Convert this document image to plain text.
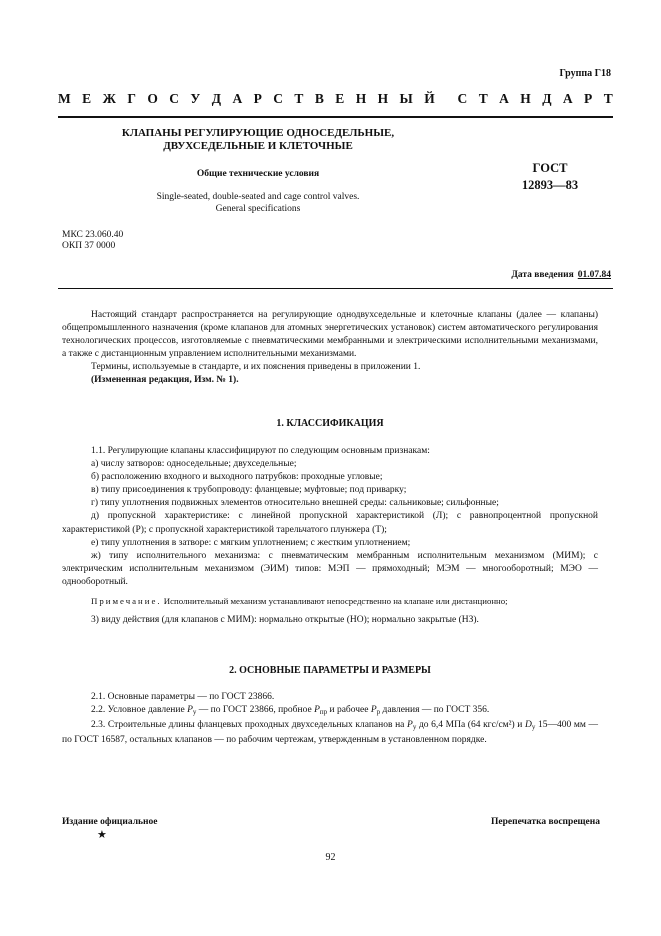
Группа Г18
М Е Ж Г О С У Д А Р С Т В Е Н Н Ы Й С Т А Н Д А Р Т
КЛАПАНЫ РЕГУЛИРУЮЩИЕ ОДНОСЕДЕЛЬНЫЕ,
ДВУХСЕДЕЛЬНЫЕ И КЛЕТОЧНЫЕ
Общие технические условия
Single-seated, double-seated and cage control valves.
General specifications
ГОСТ
12893—83
МКС 23.060.40
ОКП 37 0000
Дата введения 01.07.84
Настоящий стандарт распространяется на регулирующие однодвухседельные и клеточные клапаны (далее — клапаны) общепромышленного назначения (кроме клапанов для атомных энергетических установок) систем автоматического регулирования технологических процессов, изготовляемые с пневматическими мембранными и электрическими исполнительными механизмами, а также с дистанционным управлением исполнительными механизмами.
Термины, используемые в стандарте, и их пояснения приведены в приложении 1.
(Измененная редакция, Изм. № 1).
1. КЛАССИФИКАЦИЯ
1.1. Регулирующие клапаны классифицируют по следующим основным признакам:
а) числу затворов: односедельные; двухседельные;
б) расположению входного и выходного патрубков: проходные угловые;
в) типу присоединения к трубопроводу: фланцевые; муфтовые; под приварку;
г) типу уплотнения подвижных элементов относительно внешней среды: сальниковые; сильфонные;
д) пропускной характеристике: с линейной пропускной характеристикой (Л); с равнопроцентной пропускной характеристикой (Р); с пропускной характеристикой тарельчатого плунжера (Т);
е) типу уплотнения в затворе: с мягким уплотнением; с жестким уплотнением;
ж) типу исполнительного механизма: с пневматическим мембранным исполнительным механизмом (МИМ); с электрическим исполнительным механизмом (ЭИМ) типов: МЭП — прямоходный; МЭМ — многооборотный; МЭО — однооборотный.
Примечание. Исполнительный механизм устанавливают непосредственно на клапане или дистанционно;
3) виду действия (для клапанов с МИМ): нормально открытые (НО); нормально закрытые (НЗ).
2. ОСНОВНЫЕ ПАРАМЕТРЫ И РАЗМЕРЫ
2.1. Основные параметры — по ГОСТ 23866.
2.2. Условное давление $P_у$ — по ГОСТ 23866, пробное $P_{пр}$ и рабочее $P_р$ давления — по ГОСТ 356.
2.3. Строительные длины фланцевых проходных двухседельных клапанов на $P_у$ до 6,4 МПа (64 кгс/см²) и $D_у$ 15—400 мм — по ГОСТ 16587, остальных клапанов — по рабочим чертежам, утвержденным в установленном порядке.
Издание официальное	Перепечатка воспрещена
★
92
